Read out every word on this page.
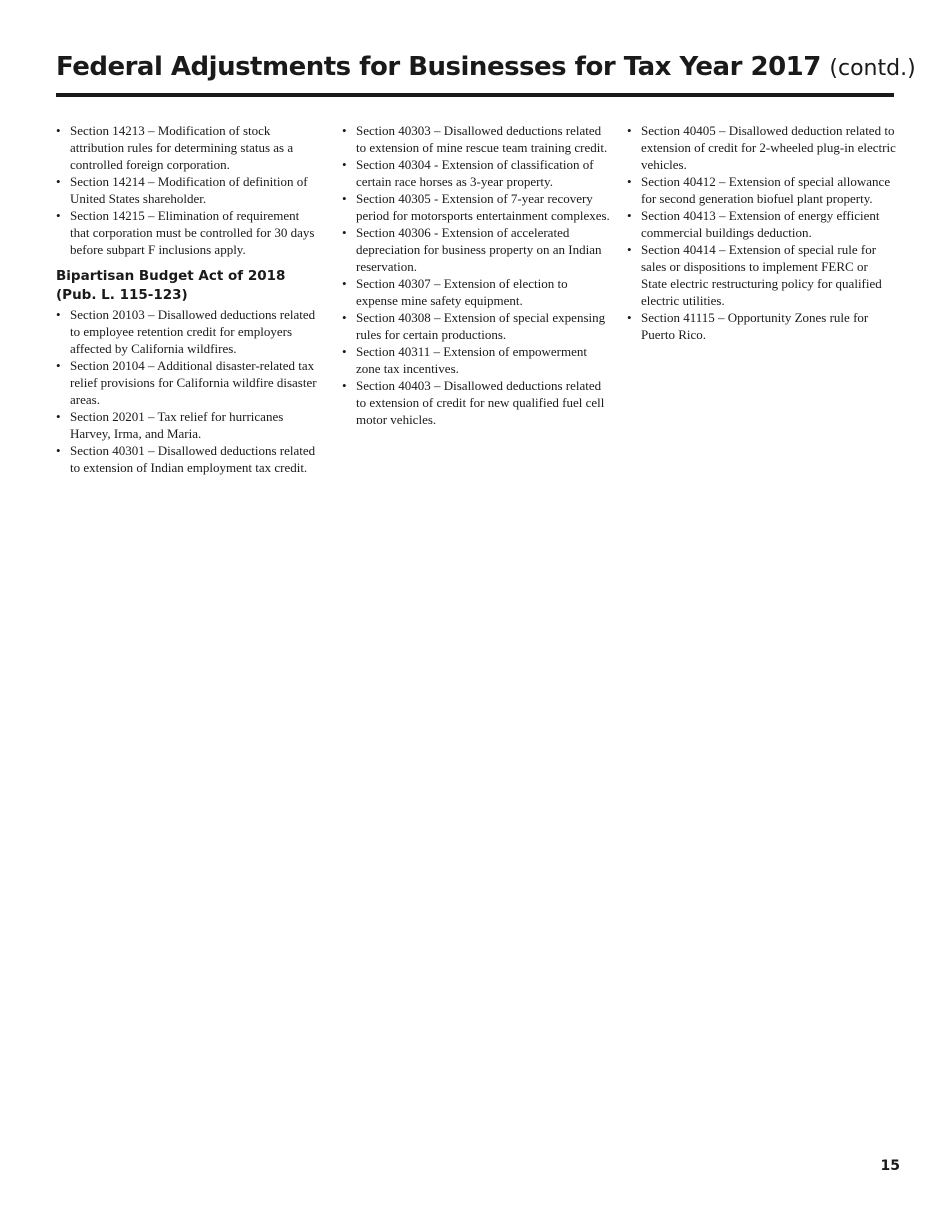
Federal Adjustments for Businesses for Tax Year 2017 (contd.)
• Section 14213 – Modification of stock attribution rules for determining status as a controlled foreign corporation.
• Section 14214 – Modification of definition of United States shareholder.
• Section 14215 – Elimination of requirement that corporation must be controlled for 30 days before subpart F inclusions apply.
Bipartisan Budget Act of 2018 (Pub. L. 115-123)
• Section 20103 – Disallowed deductions related to employee retention credit for employers affected by California wildfires.
• Section 20104 – Additional disaster-related tax relief provisions for California wildfire disaster areas.
• Section 20201 – Tax relief for hurricanes Harvey, Irma, and Maria.
• Section 40301 – Disallowed deductions related to extension of Indian employment tax credit.
• Section 40303 – Disallowed deductions related to extension of mine rescue team training credit.
• Section 40304 - Extension of classification of certain race horses as 3-year property.
• Section 40305 - Extension of 7-year recovery period for motorsports entertainment complexes.
• Section 40306 - Extension of accelerated depreciation for business property on an Indian reservation.
• Section 40307 – Extension of election to expense mine safety equipment.
• Section 40308 – Extension of special expensing rules for certain productions.
• Section 40311 – Extension of empowerment zone tax incentives.
• Section 40403 – Disallowed deductions related to extension of credit for new qualified fuel cell motor vehicles.
• Section 40405 – Disallowed deduction related to extension of credit for 2-wheeled plug-in electric vehicles.
• Section 40412 – Extension of special allowance for second generation biofuel plant property.
• Section 40413 – Extension of energy efficient commercial buildings deduction.
• Section 40414 – Extension of special rule for sales or dispositions to implement FERC or State electric restructuring policy for qualified electric utilities.
• Section 41115 – Opportunity Zones rule for Puerto Rico.
15
